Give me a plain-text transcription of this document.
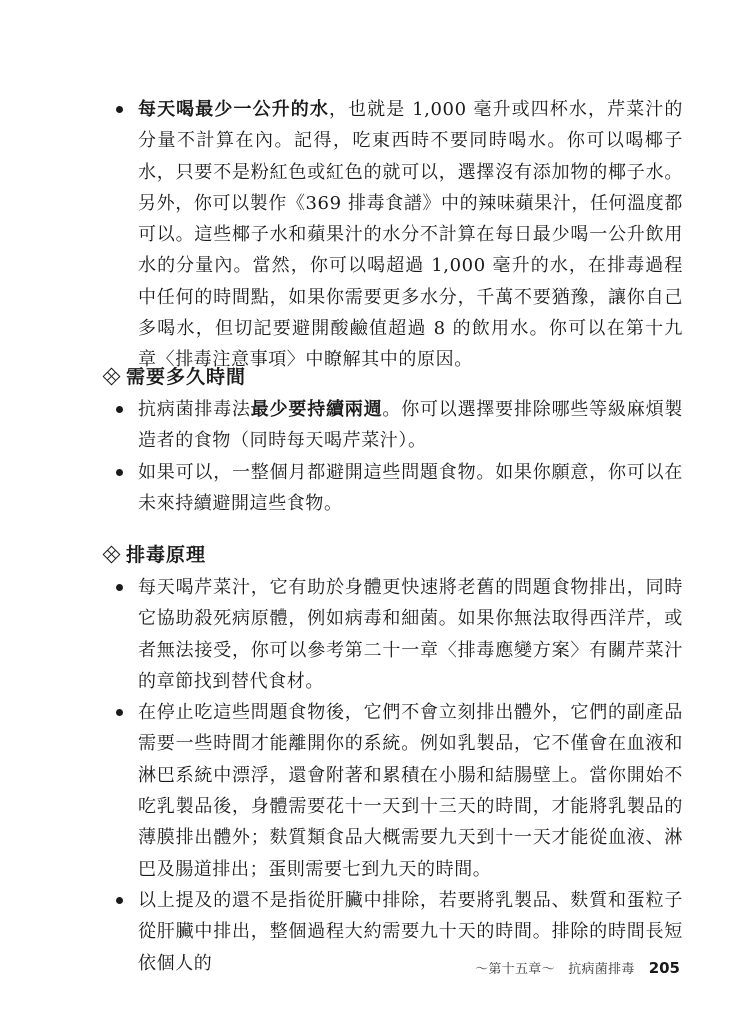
每天喝最少一公升的水，也就是 1,000 毫升或四杯水，芹菜汁的分量不計算在內。記得，吃東西時不要同時喝水。你可以喝椰子水，只要不是粉紅色或紅色的就可以，選擇沒有添加物的椰子水。另外，你可以製作《369 排毒食譜》中的辣味蘋果汁，任何溫度都可以。這些椰子水和蘋果汁的水分不計算在每日最少喝一公升飲用水的分量內。當然，你可以喝超過 1,000 毫升的水，在排毒過程中任何的時間點，如果你需要更多水分，千萬不要猶豫，讓你自己多喝水，但切記要避開酸鹼值超過 8 的飲用水。你可以在第十九章〈排毒注意事項〉中瞭解其中的原因。
需要多久時間
抗病菌排毒法最少要持續兩週。你可以選擇要排除哪些等級麻煩製造者的食物（同時每天喝芹菜汁）。
如果可以，一整個月都避開這些問題食物。如果你願意，你可以在未來持續避開這些食物。
排毒原理
每天喝芹菜汁，它有助於身體更快速將老舊的問題食物排出，同時它協助殺死病原體，例如病毒和細菌。如果你無法取得西洋芹，或者無法接受，你可以參考第二十一章〈排毒應變方案〉有關芹菜汁的章節找到替代食材。
在停止吃這些問題食物後，它們不會立刻排出體外，它們的副產品需要一些時間才能離開你的系統。例如乳製品，它不僅會在血液和淋巴系統中漂浮，還會附著和累積在小腸和結腸壁上。當你開始不吃乳製品後，身體需要花十一天到十三天的時間，才能將乳製品的薄膜排出體外；麩質類食品大概需要九天到十一天才能從血液、淋巴及腸道排出；蛋則需要七到九天的時間。
以上提及的還不是指從肝臟中排除，若要將乳製品、麩質和蛋粒子從肝臟中排出，整個過程大約需要九十天的時間。排除的時間長短依個人的	〜第十五章〜　抗病菌排毒 205
